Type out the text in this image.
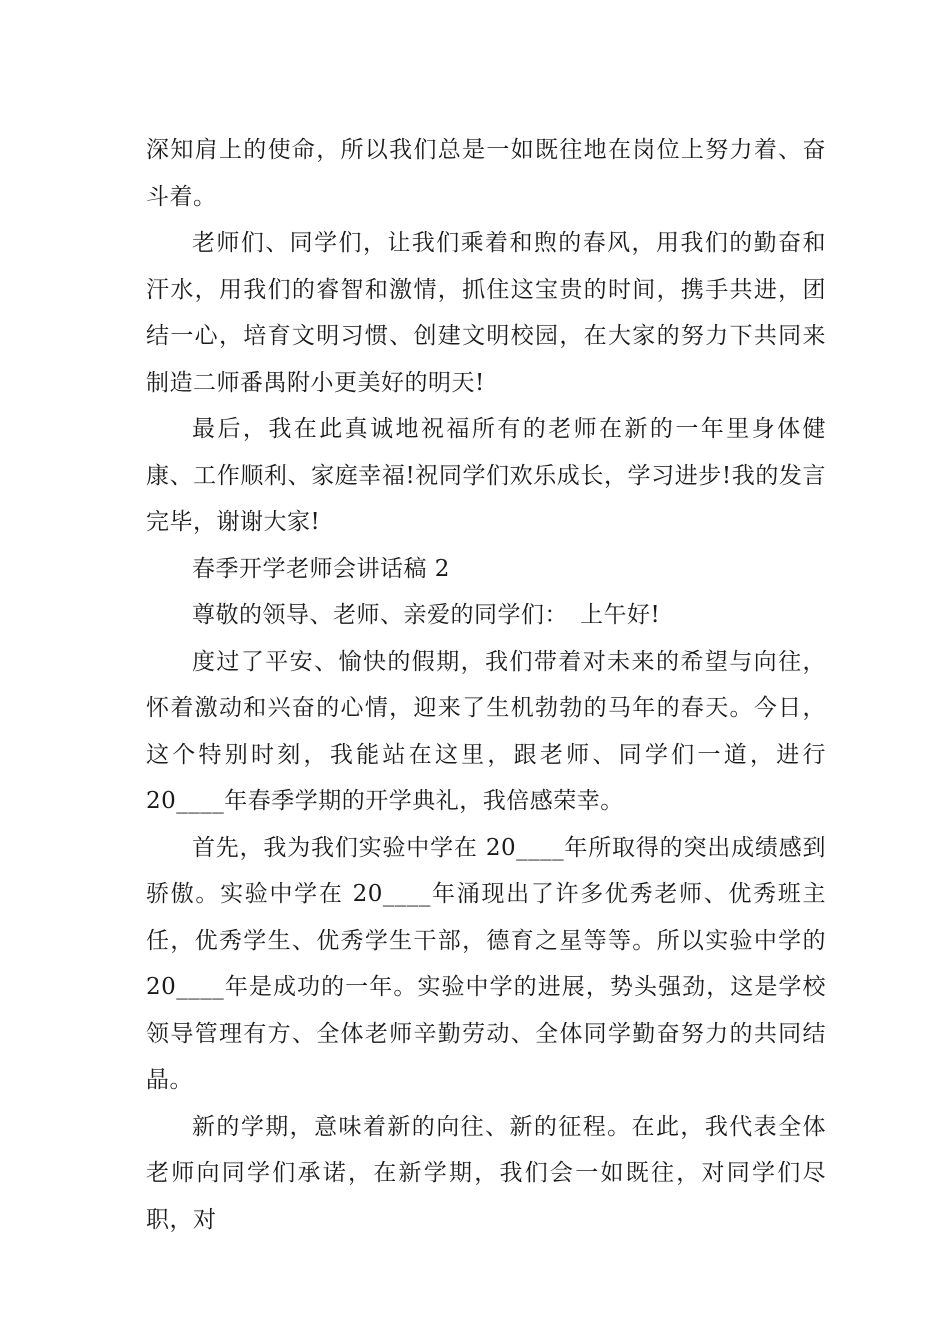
深知肩上的使命，所以我们总是一如既往地在岗位上努力着、奋斗着。

老师们、同学们，让我们乘着和煦的春风，用我们的勤奋和汗水，用我们的睿智和激情，抓住这宝贵的时间，携手共进，团结一心，培育文明习惯、创建文明校园，在大家的努力下共同来制造二师番禺附小更美好的明天!

最后，我在此真诚地祝福所有的老师在新的一年里身体健康、工作顺利、家庭幸福!祝同学们欢乐成长，学习进步!我的发言完毕，谢谢大家!

春季开学老师会讲话稿 2

尊敬的领导、老师、亲爱的同学们：　上午好!

度过了平安、愉快的假期，我们带着对未来的希望与向往，怀着激动和兴奋的心情，迎来了生机勃勃的马年的春天。今日，这个特别时刻，我能站在这里，跟老师、同学们一道，进行 20____年春季学期的开学典礼，我倍感荣幸。

首先，我为我们实验中学在 20____年所取得的突出成绩感到骄傲。实验中学在 20____年涌现出了许多优秀老师、优秀班主任，优秀学生、优秀学生干部，德育之星等等。所以实验中学的 20____年是成功的一年。实验中学的进展，势头强劲，这是学校领导管理有方、全体老师辛勤劳动、全体同学勤奋努力的共同结晶。

新的学期，意味着新的向往、新的征程。在此，我代表全体老师向同学们承诺，在新学期，我们会一如既往，对同学们尽职，对
